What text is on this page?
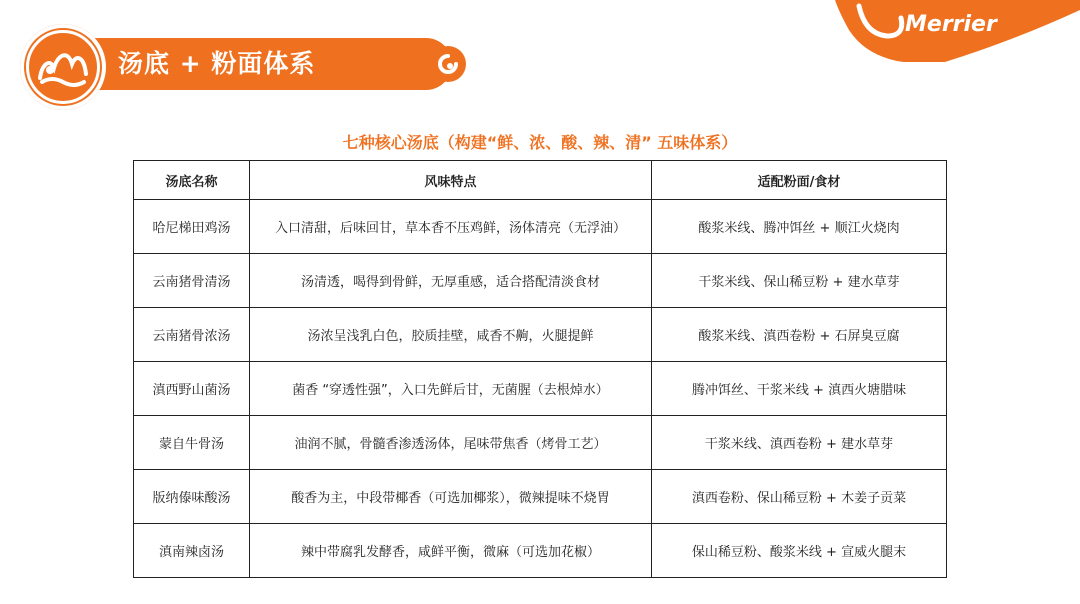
汤底 + 粉面体系
Merrier
七种核心汤底（构建“鲜、浓、酸、辣、清” 五味体系）
汤底名称	风味特点	适配粉面/食材
哈尼梯田鸡汤	入口清甜，后味回甘，草本香不压鸡鲜，汤体清亮（无浮油）	酸浆米线、腾冲饵丝 + 顺江火烧肉
云南猪骨清汤	汤清透，喝得到骨鲜，无厚重感，适合搭配清淡食材	干浆米线、保山稀豆粉 + 建水草芽
云南猪骨浓汤	汤浓呈浅乳白色，胶质挂壁，咸香不齁，火腿提鲜	酸浆米线、滇西卷粉 + 石屏臭豆腐
滇西野山菌汤	菌香 “穿透性强”，入口先鲜后甘，无菌腥（去根焯水）	腾冲饵丝、干浆米线 + 滇西火塘腊味
蒙自牛骨汤	油润不腻，骨髓香渗透汤体，尾味带焦香（烤骨工艺）	干浆米线、滇西卷粉 + 建水草芽
版纳傣味酸汤	酸香为主，中段带椰香（可选加椰浆），微辣提味不烧胃	滇西卷粉、保山稀豆粉 + 木姜子贡菜
滇南辣卤汤	辣中带腐乳发酵香，咸鲜平衡，微麻（可选加花椒）	保山稀豆粉、酸浆米线 + 宣威火腿末
